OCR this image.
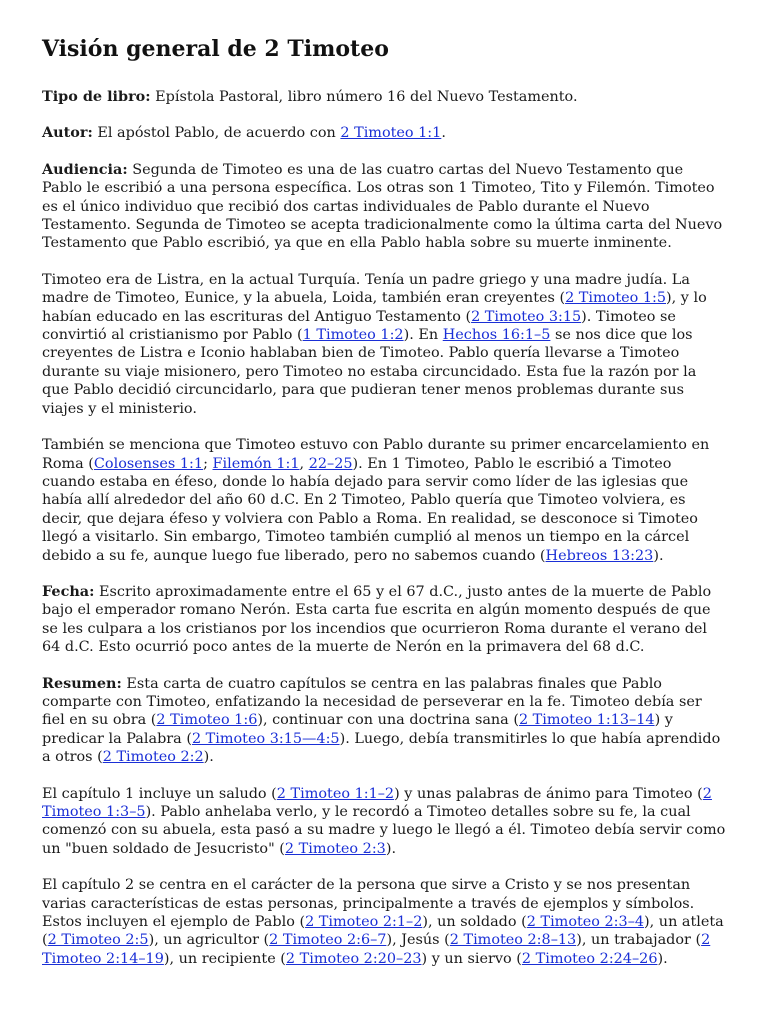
Visión general de 2 Timoteo

Tipo de libro: Epístola Pastoral, libro número 16 del Nuevo Testamento.

Autor: El apóstol Pablo, de acuerdo con 2 Timoteo 1:1.

Audiencia: Segunda de Timoteo es una de las cuatro cartas del Nuevo Testamento que Pablo le escribió a una persona específica. Los otras son 1 Timoteo, Tito y Filemón. Timoteo es el único individuo que recibió dos cartas individuales de Pablo durante el Nuevo Testamento. Segunda de Timoteo se acepta tradicionalmente como la última carta del Nuevo Testamento que Pablo escribió, ya que en ella Pablo habla sobre su muerte inminente.

Timoteo era de Listra, en la actual Turquía. Tenía un padre griego y una madre judía. La madre de Timoteo, Eunice, y la abuela, Loida, también eran creyentes (2 Timoteo 1:5), y lo habían educado en las escrituras del Antiguo Testamento (2 Timoteo 3:15). Timoteo se convirtió al cristianismo por Pablo (1 Timoteo 1:2). En Hechos 16:1–5 se nos dice que los creyentes de Listra e Iconio hablaban bien de Timoteo. Pablo quería llevarse a Timoteo durante su viaje misionero, pero Timoteo no estaba circuncidado. Esta fue la razón por la que Pablo decidió circuncidarlo, para que pudieran tener menos problemas durante sus viajes y el ministerio.

También se menciona que Timoteo estuvo con Pablo durante su primer encarcelamiento en Roma (Colosenses 1:1; Filemón 1:1, 22–25). En 1 Timoteo, Pablo le escribió a Timoteo cuando estaba en éfeso, donde lo había dejado para servir como líder de las iglesias que había allí alrededor del año 60 d.C. En 2 Timoteo, Pablo quería que Timoteo volviera, es decir, que dejara éfeso y volviera con Pablo a Roma. En realidad, se desconoce si Timoteo llegó a visitarlo. Sin embargo, Timoteo también cumplió al menos un tiempo en la cárcel debido a su fe, aunque luego fue liberado, pero no sabemos cuando (Hebreos 13:23).

Fecha: Escrito aproximadamente entre el 65 y el 67 d.C., justo antes de la muerte de Pablo bajo el emperador romano Nerón. Esta carta fue escrita en algún momento después de que se les culpara a los cristianos por los incendios que ocurrieron Roma durante el verano del 64 d.C. Esto ocurrió poco antes de la muerte de Nerón en la primavera del 68 d.C.

Resumen: Esta carta de cuatro capítulos se centra en las palabras finales que Pablo comparte con Timoteo, enfatizando la necesidad de perseverar en la fe. Timoteo debía ser fiel en su obra (2 Timoteo 1:6), continuar con una doctrina sana (2 Timoteo 1:13–14) y predicar la Palabra (2 Timoteo 3:15—4:5). Luego, debía transmitirles lo que había aprendido a otros (2 Timoteo 2:2).

El capítulo 1 incluye un saludo (2 Timoteo 1:1–2) y unas palabras de ánimo para Timoteo (2 Timoteo 1:3–5). Pablo anhelaba verlo, y le recordó a Timoteo detalles sobre su fe, la cual comenzó con su abuela, esta pasó a su madre y luego le llegó a él. Timoteo debía servir como un "buen soldado de Jesucristo" (2 Timoteo 2:3).

El capítulo 2 se centra en el carácter de la persona que sirve a Cristo y se nos presentan varias características de estas personas, principalmente a través de ejemplos y símbolos. Estos incluyen el ejemplo de Pablo (2 Timoteo 2:1–2), un soldado (2 Timoteo 2:3–4), un atleta (2 Timoteo 2:5), un agricultor (2 Timoteo 2:6–7), Jesús (2 Timoteo 2:8–13), un trabajador (2 Timoteo 2:14–19), un recipiente (2 Timoteo 2:20–23) y un siervo (2 Timoteo 2:24–26).
